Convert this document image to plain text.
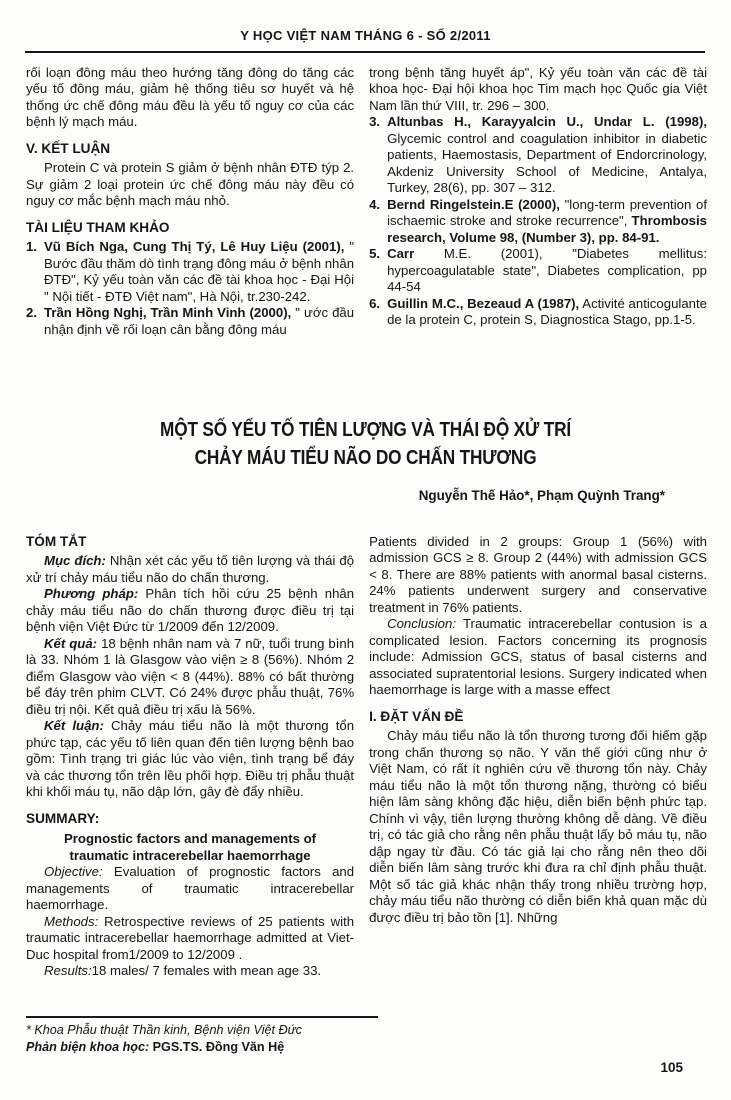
Y HỌC VIỆT NAM THÁNG 6 - SỐ 2/2011

rối loạn đông máu theo hướng tăng đông do tăng các yếu tố đông máu, giảm hệ thống tiêu sơ huyết và hệ thống ức chế đông máu đều là yếu tố nguy cơ của các bệnh lý mạch máu.

V. KẾT LUẬN

Protein C và protein S giảm ở bệnh nhân ĐTĐ týp 2. Sự giảm 2 loại protein ức chế đông máu này đều có nguy cơ mắc bệnh mạch máu nhỏ.

TÀI LIỆU THAM KHẢO
1. Vũ Bích Nga, Cung Thị Tý, Lê Huy Liệu (2001), " Bước đầu thăm dò tình trạng đông máu ở bệnh nhân ĐTĐ", Kỷ yếu toàn văn các đề tài khoa học - Đại Hội " Nội tiết - ĐTĐ Việt nam", Hà Nội, tr.230-242.
2. Trần Hồng Nghị, Trần Minh Vinh (2000), " ước đầu nhận định về rối loạn cân bằng đông máu

trong bệnh tăng huyết áp", Kỷ yếu toàn văn các đề tài khoa học- Đại hội khoa học Tim mạch học Quốc gia Việt Nam lần thứ VIII, tr. 296 – 300.

3. Altunbas H., Karayyalcin U., Undar L. (1998), Glycemic control and coagulation inhibitor in diabetic patients, Haemostasis, Department of Endorcrinology, Akdeniz University School of Medicine, Antalya, Turkey, 28(6), pp. 307 – 312.
4. Bernd Ringelstein.E (2000), "long-term prevention of ischaemic stroke and stroke recurrence", Thrombosis research, Volume 98, (Number 3), pp. 84-91.
5. Carr M.E. (2001), "Diabetes mellitus: hypercoagulatable state", Diabetes complication, pp 44-54
6. Guillin M.C., Bezeaud A (1987), Activité anticogulante de la protein C, protein S, Diagnostica Stago, pp.1-5.
MỘT SỐ YẾU TỐ TIÊN LƯỢNG VÀ THÁI ĐỘ XỬ TRÍ
CHẢY MÁU TIỂU NÃO DO CHẤN THƯƠNG
Nguyễn Thế Hảo*, Phạm Quỳnh Trang*
TÓM TẮT

Mục đích: Nhận xét các yếu tố tiên lượng và thái độ xử trí chảy máu tiểu não do chấn thương.

Phương pháp: Phân tích hồi cứu 25 bệnh nhân chảy máu tiểu não do chấn thương được điều trị tại bệnh viện Việt Đức từ 1/2009 đến 12/2009.

Kết quả: 18 bệnh nhân nam và 7 nữ, tuổi trung bình là 33. Nhóm 1 là Glasgow vào viện ≥ 8 (56%). Nhóm 2 điểm Glasgow vào viện < 8 (44%). 88% có bất thường bể đáy trên phim CLVT. Có 24% được phẫu thuật, 76% điều trị nội. Kết quả điều trị xấu là 56%.

Kết luận: Chảy máu tiểu não là một thương tổn phức tạp, các yếu tố liên quan đến tiên lượng bệnh bao gồm: Tình trạng tri giác lúc vào viện, tình trạng bể đáy và các thương tổn trên lều phối hợp. Điều trị phẫu thuật khi khối máu tụ, não dập lớn, gây đè đẩy nhiều.

SUMMARY:
Prognostic factors and managements of
traumatic intracerebellar haemorrhage

Objective: Evaluation of prognostic factors and managements of traumatic intracerebellar haemorrhage.

Methods: Retrospective reviews of 25 patients with traumatic intracerebellar haemorrhage admitted at Viet-Duc hospital from1/2009 to 12/2009 .

Results:18 males/ 7 females with mean age 33.

Patients divided in 2 groups: Group 1 (56%) with admission GCS ≥ 8. Group 2 (44%) with admission GCS < 8. There are 88% patients with anormal basal cisterns. 24% patients underwent surgery and conservative treatment in 76% patients.

Conclusion: Traumatic intracerebellar contusion is a complicated lesion. Factors concerning its prognosis include: Admission GCS, status of basal cisterns and associated supratentorial lesions. Surgery indicated when haemorrhage is large with a masse effect

I. ĐẶT VẤN ĐỀ

Chảy máu tiểu não là tổn thương tương đối hiếm gặp trong chấn thương sọ não. Y văn thế giới cũng như ở Việt Nam, có rất ít nghiên cứu về thương tổn này. Chảy máu tiểu não là một tổn thương nặng, thường có biểu hiện lâm sàng không đặc hiệu, diễn biến bệnh phức tạp. Chính vì vậy, tiên lượng thường không dễ dàng. Về điều trị, có tác giả cho rằng nên phẫu thuật lấy bỏ máu tụ, não dập ngay từ đầu. Có tác giả lại cho rằng nên theo dõi diễn biến lâm sàng trước khi đưa ra chỉ định phẫu thuật. Một số tác giả khác nhận thấy trong nhiều trường hợp, chảy máu tiểu não thường có diễn biến khả quan mặc dù được điều trị bảo tồn [1]. Những

* Khoa Phẫu thuật Thần kinh, Bệnh viện Việt Đức
Phản biện khoa học: PGS.TS. Đồng Văn Hệ
105
